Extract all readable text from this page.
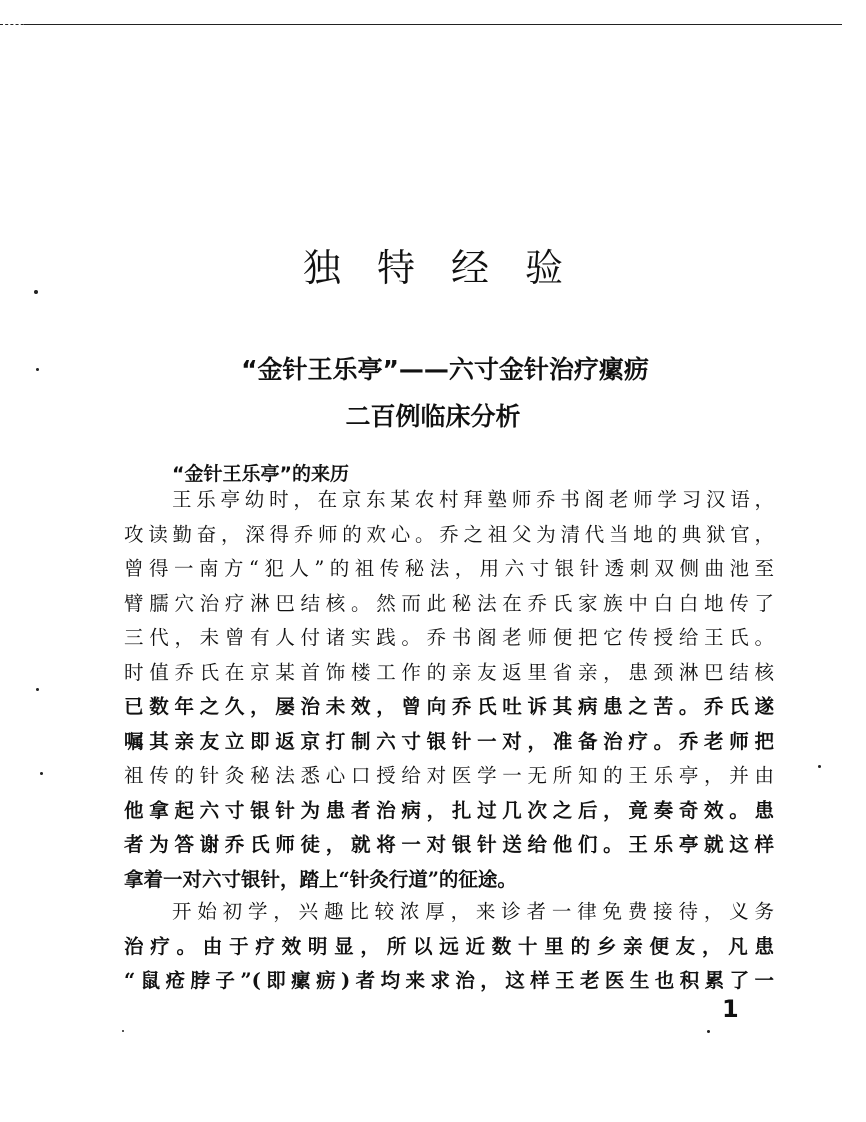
独特经验
“金针王乐亭”——六寸金针治疗瘰疬
二百例临床分析
“金针王乐亭”的来历
王乐亭幼时，在京东某农村拜塾师乔书阁老师学习汉语，
攻读勤奋，深得乔师的欢心。乔之祖父为清代当地的典狱官，
曾得一南方“犯人”的祖传秘法，用六寸银针透刺双侧曲池至
臂臑穴治疗淋巴结核。然而此秘法在乔氏家族中白白地传了
三代，未曾有人付诸实践。乔书阁老师便把它传授给王氏。
时值乔氏在京某首饰楼工作的亲友返里省亲，患颈淋巴结核
已数年之久，屡治未效，曾向乔氏吐诉其病患之苦。乔氏遂
嘱其亲友立即返京打制六寸银针一对，准备治疗。乔老师把
祖传的针灸秘法悉心口授给对医学一无所知的王乐亭，并由
他拿起六寸银针为患者治病，扎过几次之后，竟奏奇效。患
者为答谢乔氏师徒，就将一对银针送给他们。王乐亭就这样
拿着一对六寸银针，踏上“针灸行道”的征途。
开始初学，兴趣比较浓厚，来诊者一律免费接待，义务
治疗。由于疗效明显，所以远近数十里的乡亲便友，凡患
“鼠疮脖子”(即瘰疬)者均来求治，这样王老医生也积累了一
1
